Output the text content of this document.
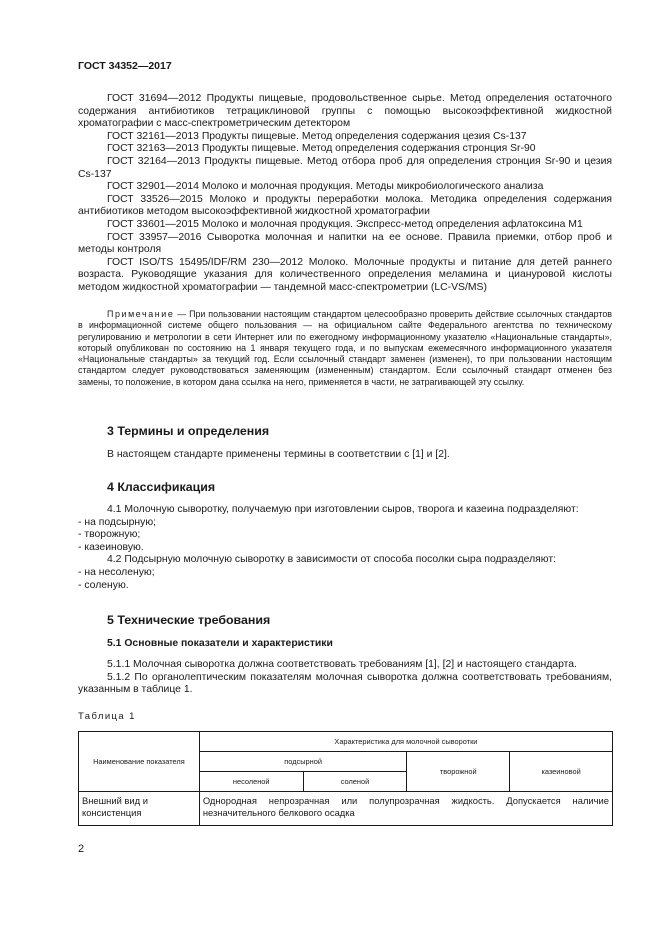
ГОСТ 34352—2017

ГОСТ 31694—2012 Продукты пищевые, продовольственное сырье. Метод определения остаточного содержания антибиотиков тетрациклиновой группы с помощью высокоэффективной жидкостной хроматографии с масс-спектрометрическим детектором

ГОСТ 32161—2013 Продукты пищевые. Метод определения содержания цезия Cs-137

ГОСТ 32163—2013 Продукты пищевые. Метод определения содержания стронция Sr-90

ГОСТ 32164—2013 Продукты пищевые. Метод отбора проб для определения стронция Sr-90 и цезия Cs-137

ГОСТ 32901—2014 Молоко и молочная продукция. Методы микробиологического анализа

ГОСТ 33526—2015 Молоко и продукты переработки молока. Методика определения содержания антибиотиков методом высокоэффективной жидкостной хроматографии

ГОСТ 33601—2015 Молоко и молочная продукция. Экспресс-метод определения афлатоксина M1

ГОСТ 33957—2016 Сыворотка молочная и напитки на ее основе. Правила приемки, отбор проб и методы контроля

ГОСТ ISO/TS 15495/IDF/RM 230—2012 Молоко. Молочные продукты и питание для детей раннего возраста. Руководящие указания для количественного определения меламина и циануровой кислоты методом жидкостной хроматографии — тандемной масс-спектрометрии (LC-VS/MS)

Примечание — При пользовании настоящим стандартом целесообразно проверить действие ссылочных стандартов в информационной системе общего пользования — на официальном сайте Федерального агентства по техническому регулированию и метрологии в сети Интернет или по ежегодному информационному указателю «Национальные стандарты», который опубликован по состоянию на 1 января текущего года, и по выпускам ежемесячного информационного указателя «Национальные стандарты» за текущий год. Если ссылочный стандарт заменен (изменен), то при пользовании настоящим стандартом следует руководствоваться заменяющим (измененным) стандартом. Если ссылочный стандарт отменен без замены, то положение, в котором дана ссылка на него, применяется в части, не затрагивающей эту ссылку.

3 Термины и определения
В настоящем стандарте применены термины в соответствии с [1] и [2].
4 Классификация
4.1 Молочную сыворотку, получаемую при изготовлении сыров, творога и казеина подразделяют:
- на подсырную;
- творожную;
- казеиновую.
4.2 Подсырную молочную сыворотку в зависимости от способа посолки сыра подразделяют:
- на несоленую;
- соленую.
5 Технические требования
5.1 Основные показатели и характеристики

5.1.1 Молочная сыворотка должна соответствовать требованиям [1], [2] и настоящего стандарта.

5.1.2 По органолептическим показателям молочная сыворотка должна соответствовать требованиям, указанным в таблице 1.

Таблица 1
Наименование показателя	Характеристика для молочной сыворотки			
	подсырной		творожной	казеиновой
	несоленой	соленой		
Внешний вид и консистенция	Однородная непрозрачная или полупрозрачная жидкость. Допускается наличие незначительного белкового осадка			
2
